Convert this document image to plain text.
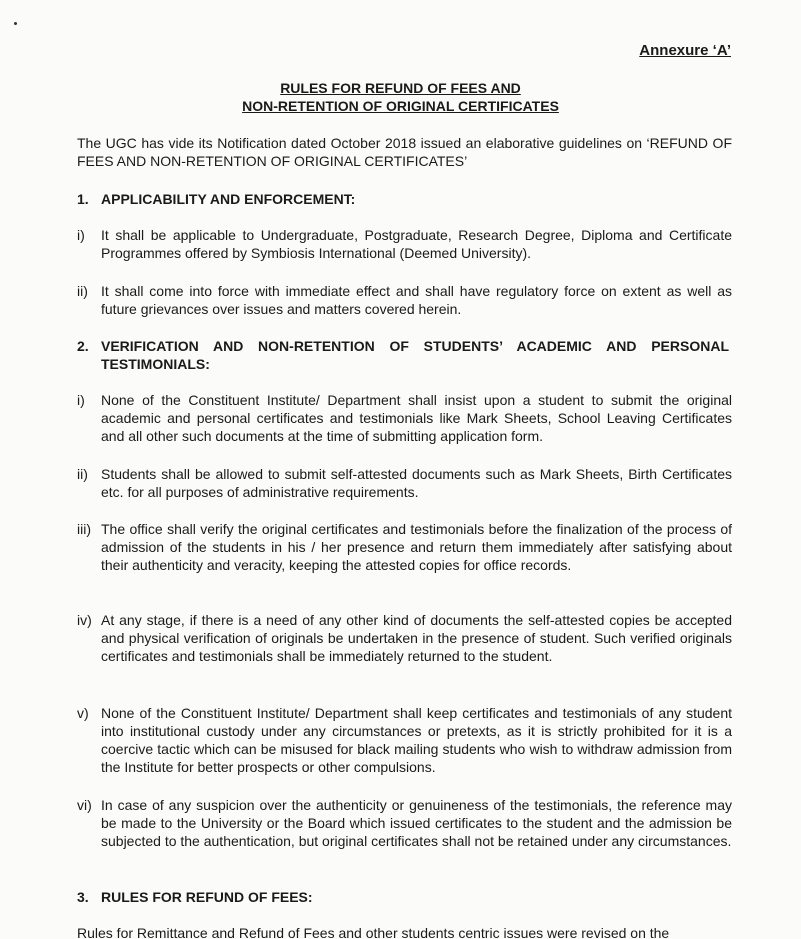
Annexure ‘A’
RULES FOR REFUND OF FEES AND
NON-RETENTION OF ORIGINAL CERTIFICATES
The UGC has vide its Notification dated October 2018 issued an elaborative guidelines on ‘REFUND OF FEES AND NON-RETENTION OF ORIGINAL CERTIFICATES’
1. APPLICABILITY AND ENFORCEMENT:
i)	It shall be applicable to Undergraduate, Postgraduate, Research Degree, Diploma and Certificate Programmes offered by Symbiosis International (Deemed University).
ii) It shall come into force with immediate effect and shall have regulatory force on extent as well as future grievances over issues and matters covered herein.
2. VERIFICATION AND NON-RETENTION OF STUDENTS’ ACADEMIC AND PERSONAL TESTIMONIALS:
i)	None of the Constituent Institute/ Department shall insist upon a student to submit the original academic and personal certificates and testimonials like Mark Sheets, School Leaving Certificates and all other such documents at the time of submitting application form.
ii) Students shall be allowed to submit self-attested documents such as Mark Sheets, Birth Certificates etc. for all purposes of administrative requirements.
iii) The office shall verify the original certificates and testimonials before the finalization of the process of admission of the students in his / her presence and return them immediately after satisfying about their authenticity and veracity, keeping the attested copies for office records.
iv) At any stage, if there is a need of any other kind of documents the self-attested copies be accepted and physical verification of originals be undertaken in the presence of student. Such verified originals certificates and testimonials shall be immediately returned to the student.
v) None of the Constituent Institute/ Department shall keep certificates and testimonials of any student into institutional custody under any circumstances or pretexts, as it is strictly prohibited for it is a coercive tactic which can be misused for black mailing students who wish to withdraw admission from the Institute for better prospects or other compulsions.
vi) In case of any suspicion over the authenticity or genuineness of the testimonials, the reference may be made to the University or the Board which issued certificates to the student and the admission be subjected to the authentication, but original certificates shall not be retained under any circumstances.
3. RULES FOR REFUND OF FEES:
Rules for Remittance and Refund of Fees and other students centric issues were revised on the
